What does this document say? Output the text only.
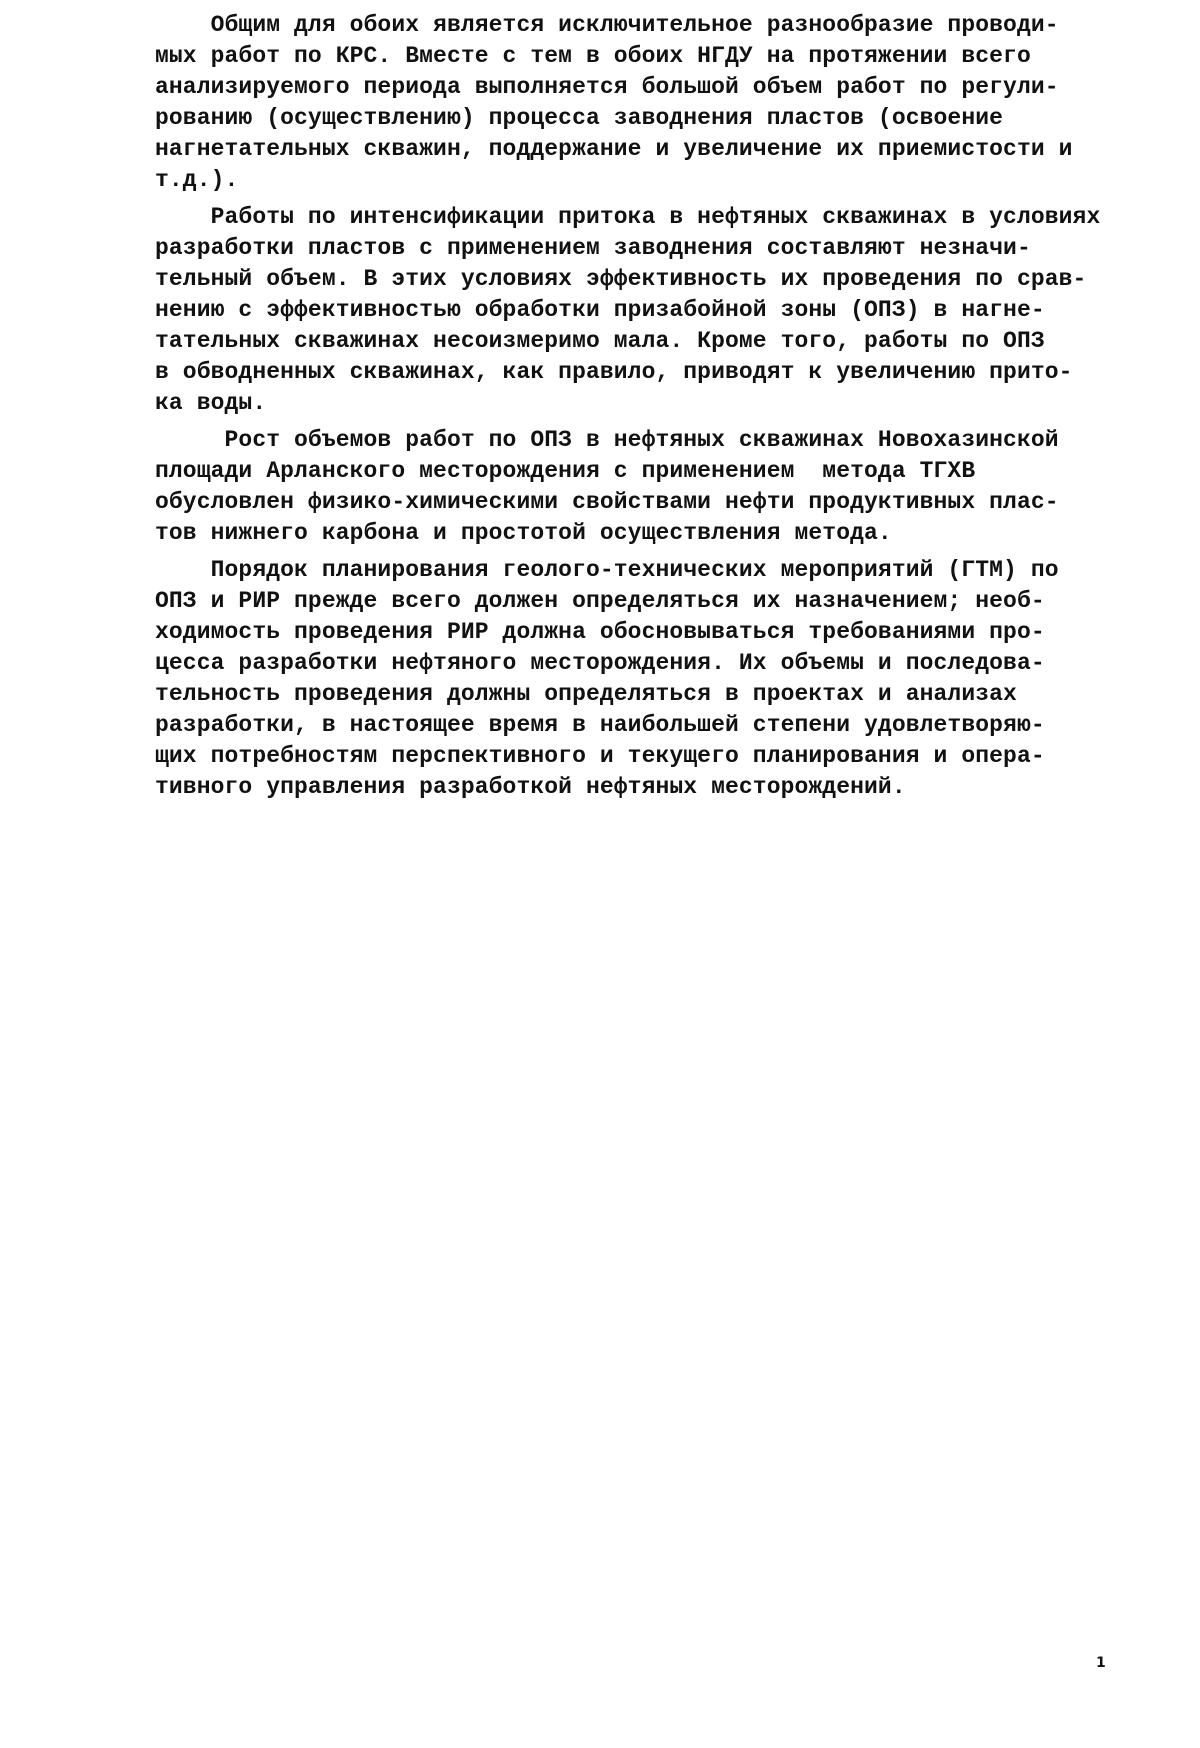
Общим для обоих является исключительное разнообразие проводи-
мых работ по КРС. Вместе с тем в обоих НГДУ на протяжении всего
анализируемого периода выполняется большой объем работ по регули-
рованию (осуществлению) процесса заводнения пластов (освоение
нагнетательных скважин, поддержание и увеличение их приемистости и
т.д.).
Работы по интенсификации притока в нефтяных скважинах в условиях
разработки пластов с применением заводнения составляют незначи-
тельный объем. В этих условиях эффективность их проведения по срав-
нению с эффективностью обработки призабойной зоны (ОПЗ) в нагне-
тательных скважинах несоизмеримо мала. Кроме того, работы по ОПЗ
в обводненных скважинах, как правило, приводят к увеличению прито-
ка воды.
Рост объемов работ по ОПЗ в нефтяных скважинах Новохазинской
площади Арланского месторождения с применением  метода ТГХВ
обусловлен физико-химическими свойствами нефти продуктивных плас-
тов нижнего карбона и простотой осуществления метода.
Порядок планирования геолого-технических мероприятий (ГТМ) по
ОПЗ и РИР прежде всего должен определяться их назначением; необ-
ходимость проведения РИР должна обосновываться требованиями про-
цесса разработки нефтяного месторождения. Их объемы и последова-
тельность проведения должны определяться в проектах и анализах
разработки, в настоящее время в наибольшей степени удовлетворяю-
щих потребностям перспективного и текущего планирования и опера-
тивного управления разработкой нефтяных месторождений.
1
